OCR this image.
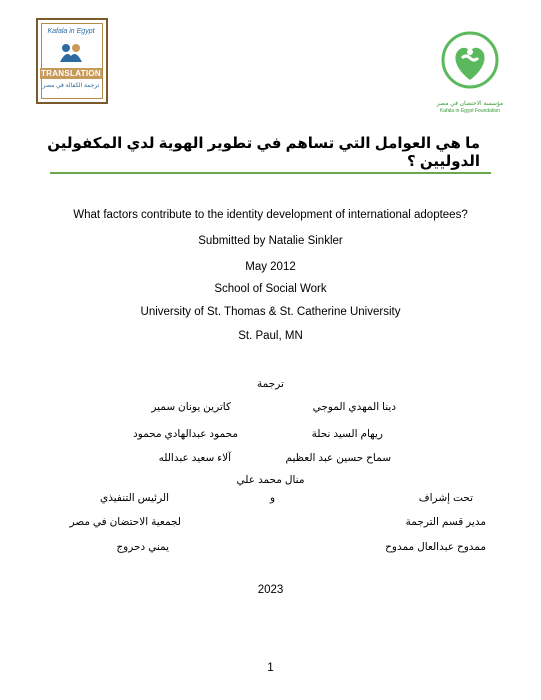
Kafala in Egypt
TRANSLATION
ترجمة الكفالة في مصر
مؤسسة الاحتضان في مصر
Kafala in Egypt Foundation
ما هي العوامل التي تساهم في تطوير الهوية لدي المكفولين الدوليين ؟
What factors contribute to the identity development of international adoptees?
Submitted by Natalie Sinkler
May 2012
School of Social Work
University of St. Thomas & St. Catherine University
St. Paul, MN
ترجمة
دينا المهدي الموجي
كاترين يونان سمير
ريهام السيد نحلة
محمود عبدالهادي محمود
سماح حسين عبد العظيم
آلاء سعيد عبدالله
منال محمد علي
تحت إشراف
و
الرئيس التنفيذي
مدير قسم الترجمة
لجمعية الاحتضان في مصر
ممدوح عبدالعال ممدوح
يمني دحروج
2023
1
